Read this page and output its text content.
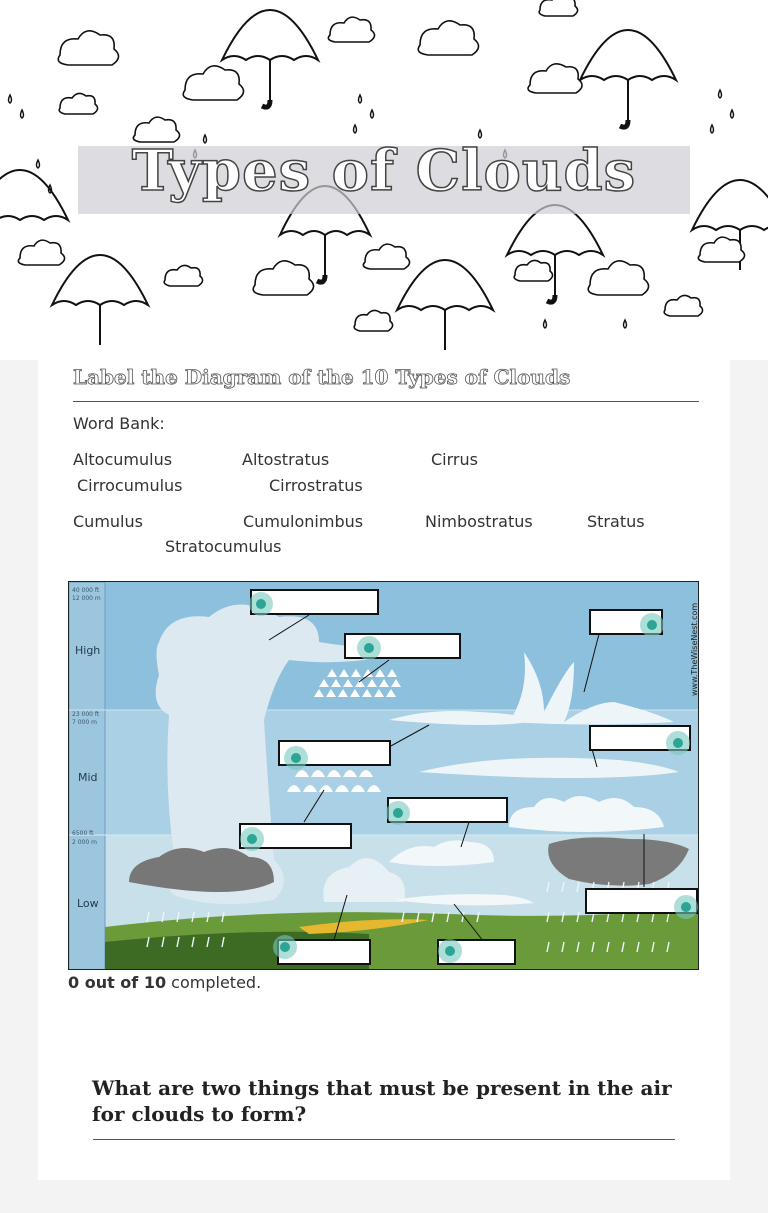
Types of Clouds
Label the Diagram of the 10 Types of Clouds
Word Bank:
Altocumulus	Altostratus	Cirrus
Cirrocumulus	Cirrostratus
Cumulus	Cumulonimbus	Nimbostratus	Stratus
Stratocumulus
40 000 ft
12 000 m
High
23 000 ft
7 000 m
Mid
6500 ft
2 000 m
Low
www.TheWiseNest.com
0 out of 10 completed.
What are two things that must be present in the air for clouds to form?
